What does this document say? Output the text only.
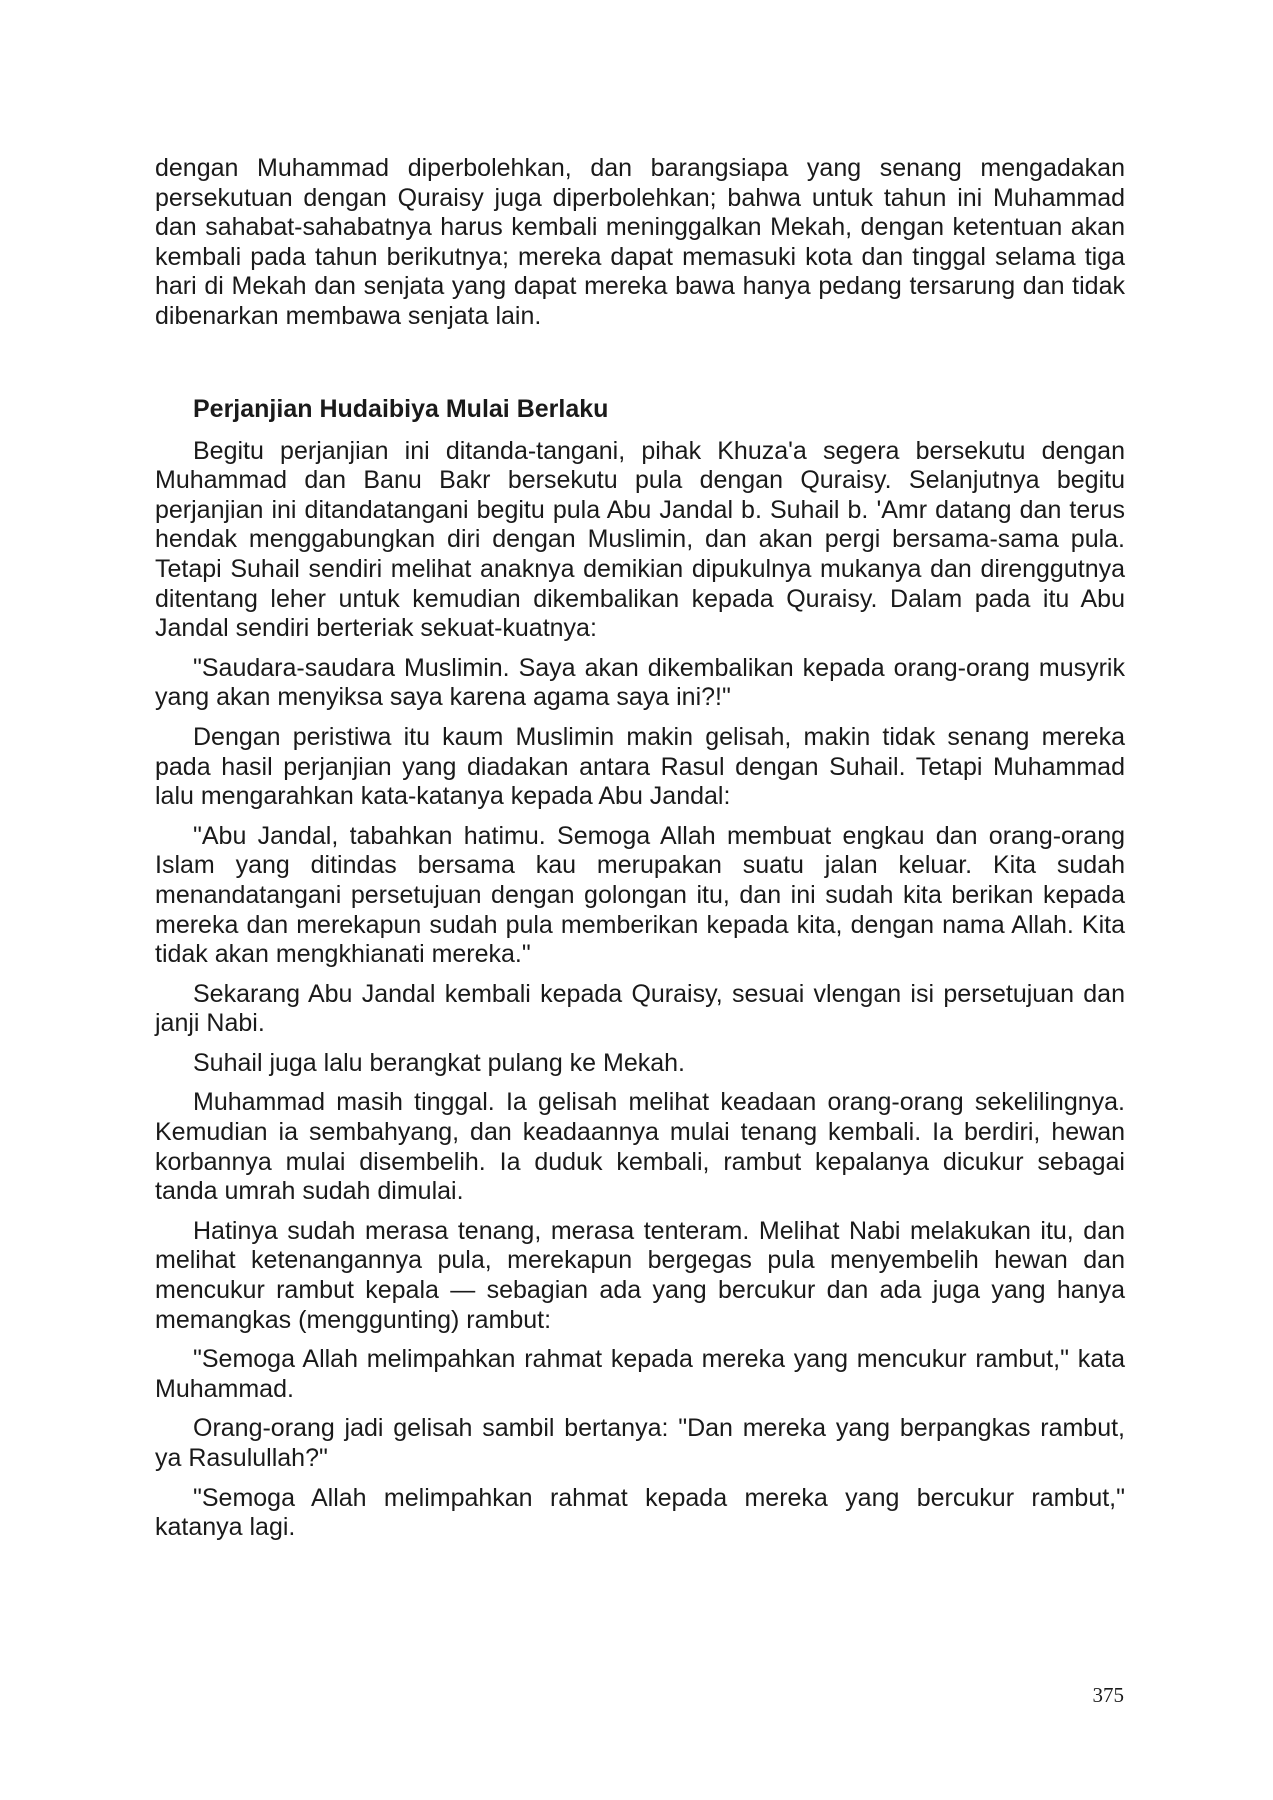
dengan Muhammad diperbolehkan, dan barangsiapa yang senang mengadakan persekutuan dengan Quraisy juga diperbolehkan; bahwa untuk tahun ini Muhammad dan sahabat-sahabatnya harus kembali meninggalkan Mekah, dengan ketentuan akan kembali pada tahun berikutnya; mereka dapat memasuki kota dan tinggal selama tiga hari di Mekah dan senjata yang dapat mereka bawa hanya pedang tersarung dan tidak dibenarkan membawa senjata lain.

Perjanjian Hudaibiya Mulai Berlaku

Begitu perjanjian ini ditanda-tangani, pihak Khuza'a segera bersekutu dengan Muhammad dan Banu Bakr bersekutu pula dengan Quraisy. Selanjutnya begitu perjanjian ini ditandatangani begitu pula Abu Jandal b. Suhail b. 'Amr datang dan terus hendak menggabungkan diri dengan Muslimin, dan akan pergi bersama-sama pula. Tetapi Suhail sendiri melihat anaknya demikian dipukulnya mukanya dan direnggutnya ditentang leher untuk kemudian dikembalikan kepada Quraisy. Dalam pada itu Abu Jandal sendiri berteriak sekuat-kuatnya:

"Saudara-saudara Muslimin. Saya akan dikembalikan kepada orang-orang musyrik yang akan menyiksa saya karena agama saya ini?!"

Dengan peristiwa itu kaum Muslimin makin gelisah, makin tidak senang mereka pada hasil perjanjian yang diadakan antara Rasul dengan Suhail. Tetapi Muhammad lalu mengarahkan kata-katanya kepada Abu Jandal:

"Abu Jandal, tabahkan hatimu. Semoga Allah membuat engkau dan orang-orang Islam yang ditindas bersama kau merupakan suatu jalan keluar. Kita sudah menandatangani persetujuan dengan golongan itu, dan ini sudah kita berikan kepada mereka dan merekapun sudah pula memberikan kepada kita, dengan nama Allah. Kita tidak akan mengkhianati mereka."

Sekarang Abu Jandal kembali kepada Quraisy, sesuai vlengan isi persetujuan dan janji Nabi.

Suhail juga lalu berangkat pulang ke Mekah.

Muhammad masih tinggal. Ia gelisah melihat keadaan orang-orang sekelilingnya. Kemudian ia sembahyang, dan keadaannya mulai tenang kembali. Ia berdiri, hewan korbannya mulai disembelih. Ia duduk kembali, rambut kepalanya dicukur sebagai tanda umrah sudah dimulai.

Hatinya sudah merasa tenang, merasa tenteram. Melihat Nabi melakukan itu, dan melihat ketenangannya pula, merekapun bergegas pula menyembelih hewan dan mencukur rambut kepala — sebagian ada yang bercukur dan ada juga yang hanya memangkas (menggunting) rambut:

"Semoga Allah melimpahkan rahmat kepada mereka yang mencukur rambut," kata Muhammad.

Orang-orang jadi gelisah sambil bertanya: "Dan mereka yang berpangkas rambut, ya Rasulullah?"

"Semoga Allah melimpahkan rahmat kepada mereka yang bercukur rambut," katanya lagi.

375
